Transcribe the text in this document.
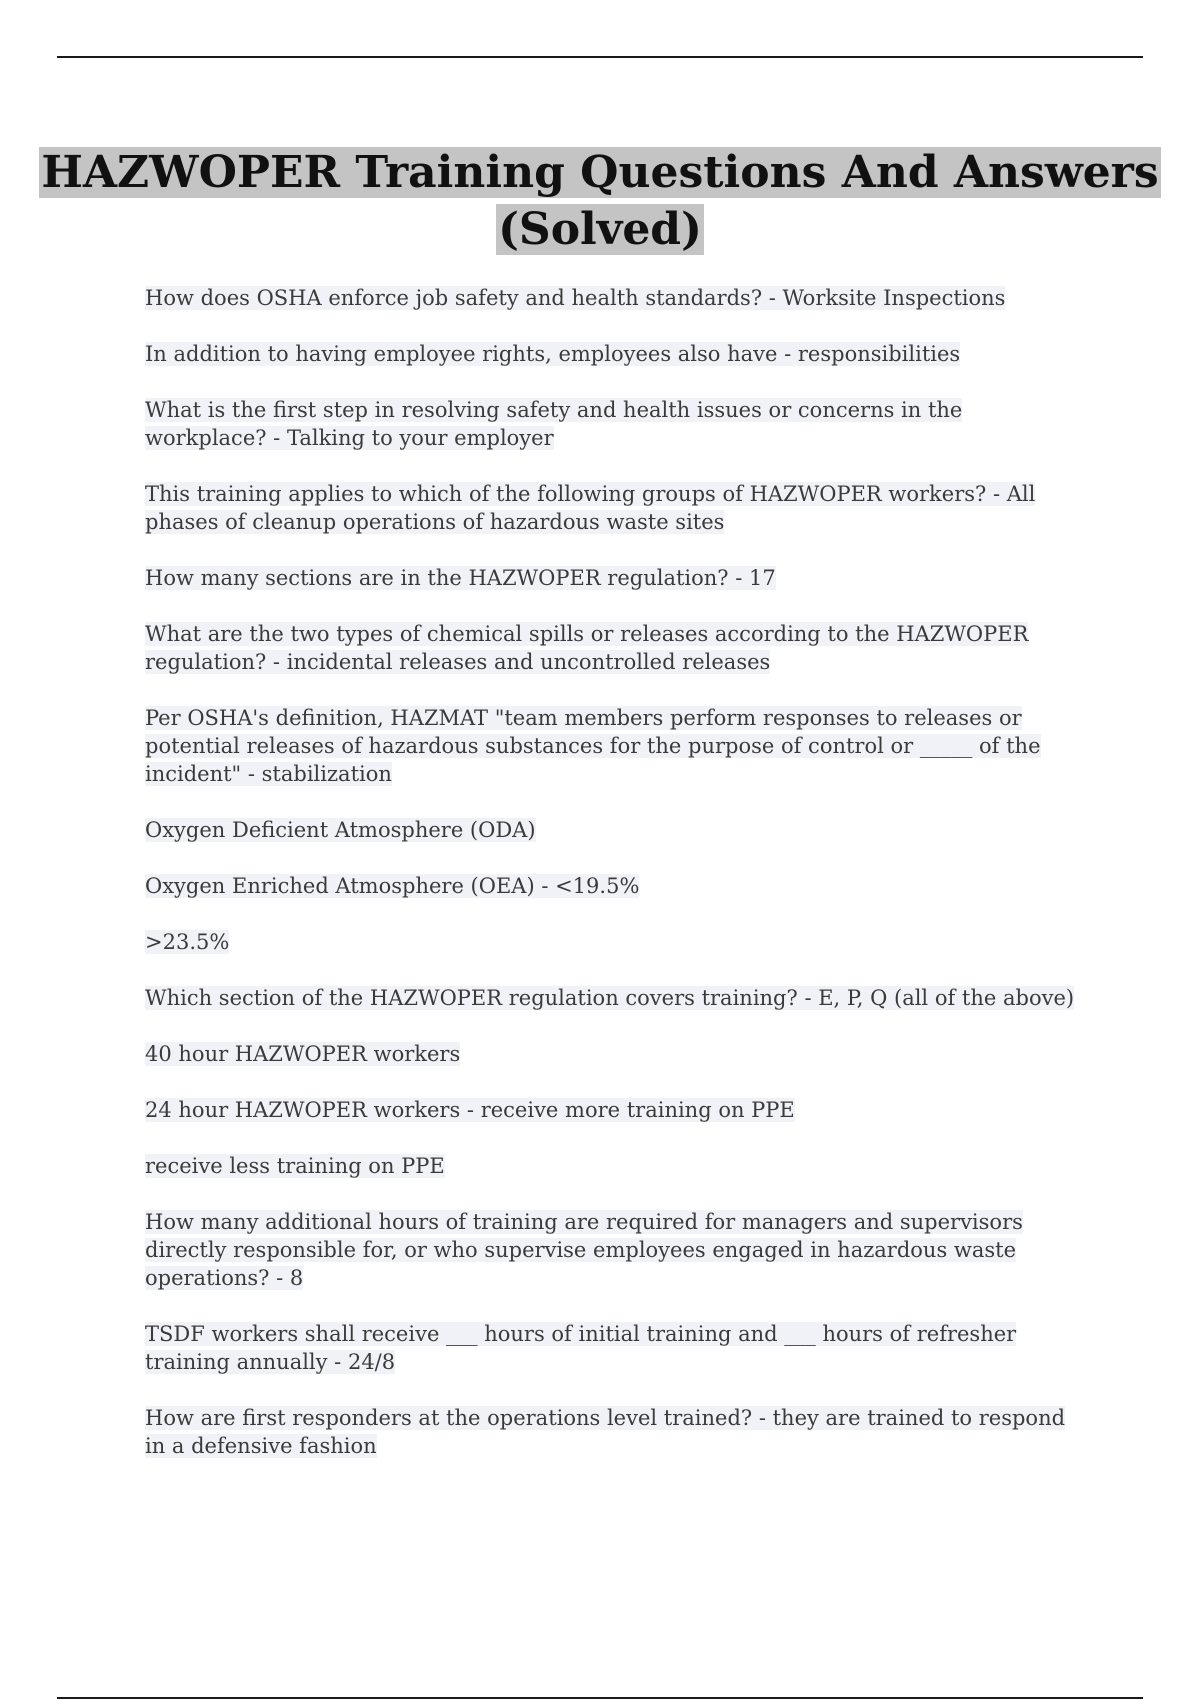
HAZWOPER Training Questions And Answers (Solved)

How does OSHA enforce job safety and health standards? - Worksite Inspections

In addition to having employee rights, employees also have - responsibilities

What is the first step in resolving safety and health issues or concerns in the workplace? - Talking to your employer

This training applies to which of the following groups of HAZWOPER workers? - All phases of cleanup operations of hazardous waste sites

How many sections are in the HAZWOPER regulation? - 17

What are the two types of chemical spills or releases according to the HAZWOPER regulation? - incidental releases and uncontrolled releases

Per OSHA's definition, HAZMAT "team members perform responses to releases or potential releases of hazardous substances for the purpose of control or _____ of the incident" - stabilization

Oxygen Deficient Atmosphere (ODA)

Oxygen Enriched Atmosphere (OEA) - <19.5%

>23.5%

Which section of the HAZWOPER regulation covers training? - E, P, Q (all of the above)

40 hour HAZWOPER workers

24 hour HAZWOPER workers - receive more training on PPE

receive less training on PPE

How many additional hours of training are required for managers and supervisors directly responsible for, or who supervise employees engaged in hazardous waste operations? - 8

TSDF workers shall receive ___ hours of initial training and ___ hours of refresher training annually - 24/8

How are first responders at the operations level trained? - they are trained to respond in a defensive fashion
